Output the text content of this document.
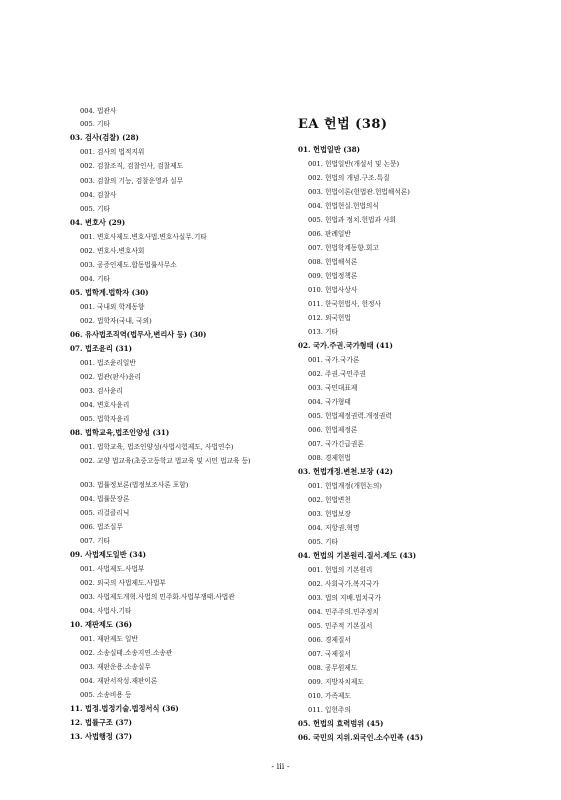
004. 법관사
005. 기타
03. 검사(검찰) (28)
001. 검사의 법적지위
002. 검찰조직, 검찰인사, 검찰제도
003. 검찰의 기능, 검찰운영과 실무
004. 검찰사
005. 기타
04. 변호사 (29)
001. 변호사제도.변호사법.변호사실무.기타
002. 변호사.변호사회
003. 공증인제도.합동법률사무소
004. 기타
05. 법학계.법학자 (30)
001. 국내외 학계동향
002. 법학자(국내, 국외)
06. 유사법조직역(법무사,변리사 등) (30)
07. 법조윤리 (31)
001. 법조윤리일반
002. 법관(판사)윤리
003. 검사윤리
004. 변호사윤리
005. 법학자윤리
08. 법학교육,법조인양성 (31)
001. 법학교육, 법조인양성(사법시험제도, 사법연수)
002. 교양 법교육(초중고등학교 법교육 및 시민 법교육 등)
003. 법률정보론(법정보조사론 포함)
004. 법률문장론
005. 리걸클리닉
006. 법조실무
007. 기타
09. 사법제도일반 (34)
001. 사법제도.사법부
002. 외국의 사법제도.사법부
003. 사법제도개혁.사법의 민주화.사법부쟁태.사법관
004. 사법사.기타
10. 재판제도 (36)
001. 재판제도 일반
002. 소송실태.소송지연.소송관
003. 재판운용.소송실무
004. 재판서작성.재판이론
005. 소송비용 등
11. 법정.법정기술.법정서식 (36)
12. 법률구조 (37)
13. 사법행정 (37)
EA 헌법 (38)
01. 헌법일반 (38)
001. 헌법일반(개설서 및 논문)
002. 헌법의 개념.구조.특질
003. 헌법이론(헌법관.헌법해석론)
004. 헌법현실.헌법의식
005. 헌법과 정치.헌법과 사회
006. 판례일반
007. 헌법학계동향.회고
008. 헌법해석론
009. 헌법정책론
010. 헌법사상사
011. 한국헌법사, 헌정사
012. 외국헌법
013. 기타
02. 국가.주권.국가형태 (41)
001. 국가.국가론
002. 주권.국민주권
003. 국민대표제
004. 국가형태
005. 헌법제정권력.개정권력
006. 헌법제정론
007. 국가긴급권론
008. 경제헌법
03. 헌법개정.변천.보장 (42)
001. 헌법개정(개헌논의)
002. 헌법변천
003. 헌법보장
004. 저항권.혁명
005. 기타
04. 헌법의 기본원리.질서.제도 (43)
001. 헌법의 기본원리
002. 사회국가.복지국가
003. 법의 지배.법치국가
004. 민주주의.민주정치
005. 민주적 기본질서
006. 경제질서
007. 국제질서
008. 공무원제도
009. 지방자치제도
010. 가족제도
011. 입헌주의
05. 헌법의 효력범위 (45)
06. 국민의 지위.외국인.소수민족 (45)
- iii -
